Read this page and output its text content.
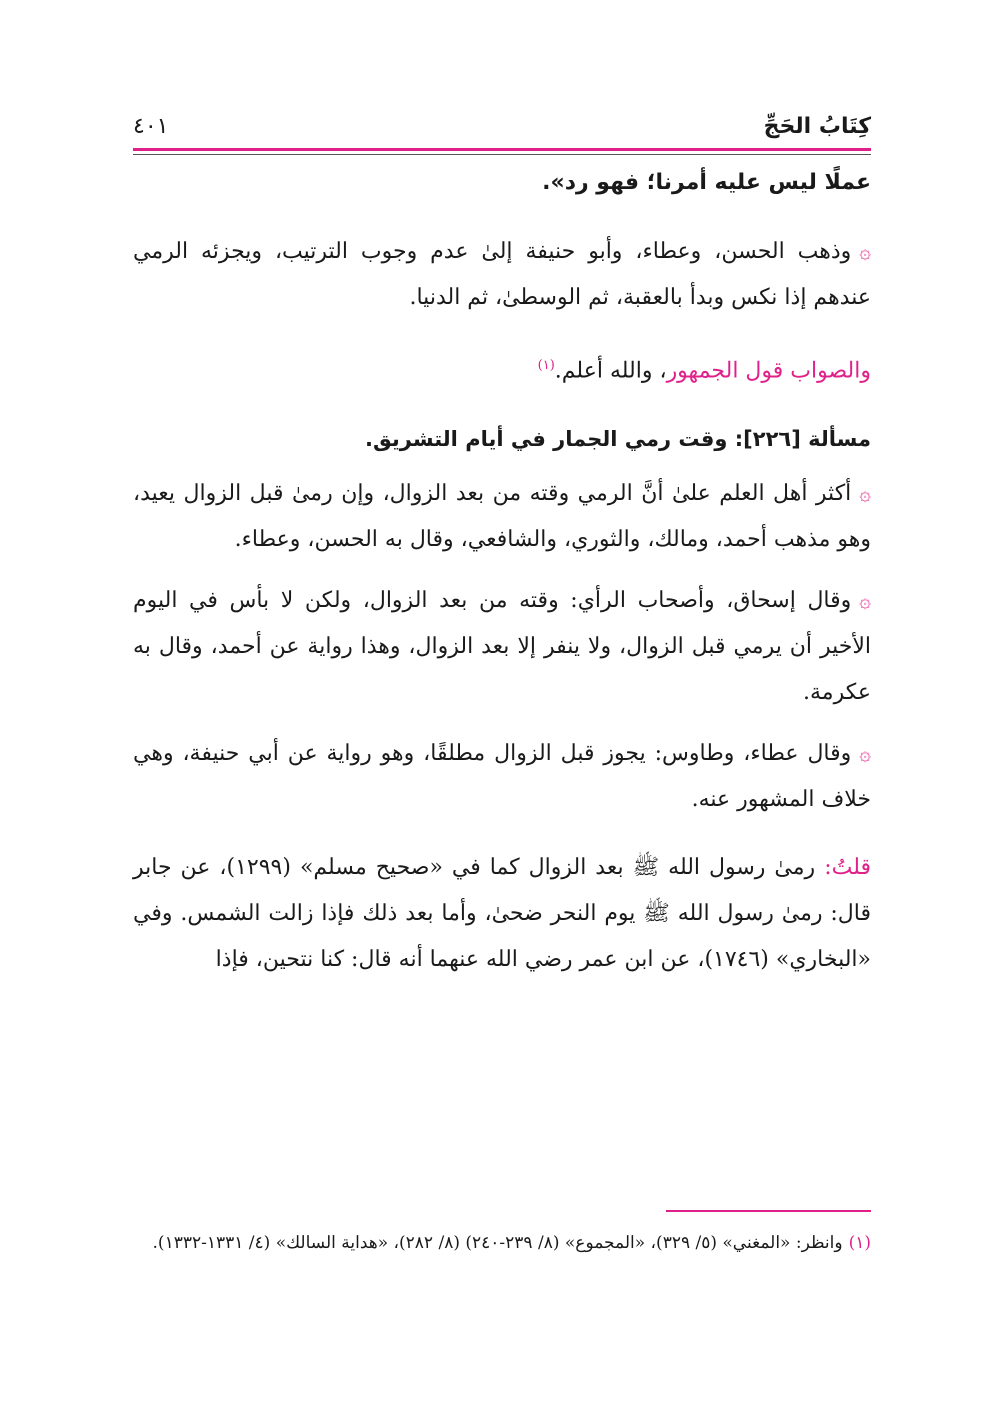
كِتَابُ الحَجِّ
٤٠١

عملًا ليس عليه أمرنا؛ فهو رد».

۞وذهب الحسن، وعطاء، وأبو حنيفة إلىٰ عدم وجوب الترتيب، ويجزئه الرمي عندهم إذا نكس وبدأ بالعقبة، ثم الوسطىٰ، ثم الدنيا.

والصواب قول الجمهور، والله أعلم.$^{(١)}$

مسألة [٢٢٦]: وقت رمي الجمار في أيام التشريق.

۞أكثر أهل العلم علىٰ أنَّ الرمي وقته من بعد الزوال، وإن رمىٰ قبل الزوال يعيد، وهو مذهب أحمد، ومالك، والثوري، والشافعي، وقال به الحسن، وعطاء.

۞وقال إسحاق، وأصحاب الرأي: وقته من بعد الزوال، ولكن لا بأس في اليوم الأخير أن يرمي قبل الزوال، ولا ينفر إلا بعد الزوال، وهذا رواية عن أحمد، وقال به عكرمة.

۞وقال عطاء، وطاوس: يجوز قبل الزوال مطلقًا، وهو رواية عن أبي حنيفة، وهي خلاف المشهور عنه.

قلتُ: رمىٰ رسول الله ﷺ بعد الزوال كما في «صحيح مسلم» (١٢٩٩)، عن جابر قال: رمىٰ رسول الله ﷺ يوم النحر ضحىٰ، وأما بعد ذلك فإذا زالت الشمس. وفي «البخاري» (١٧٤٦)، عن ابن عمر رضي الله عنهما أنه قال: كنا نتحين، فإذا

(١)وانظر: «المغني» (٥/ ٣٢٩)، «المجموع» (٨/ ٢٣٩-٢٤٠) (٨/ ٢٨٢)، «هداية السالك» (٤/ ١٣٣١-١٣٣٢).
